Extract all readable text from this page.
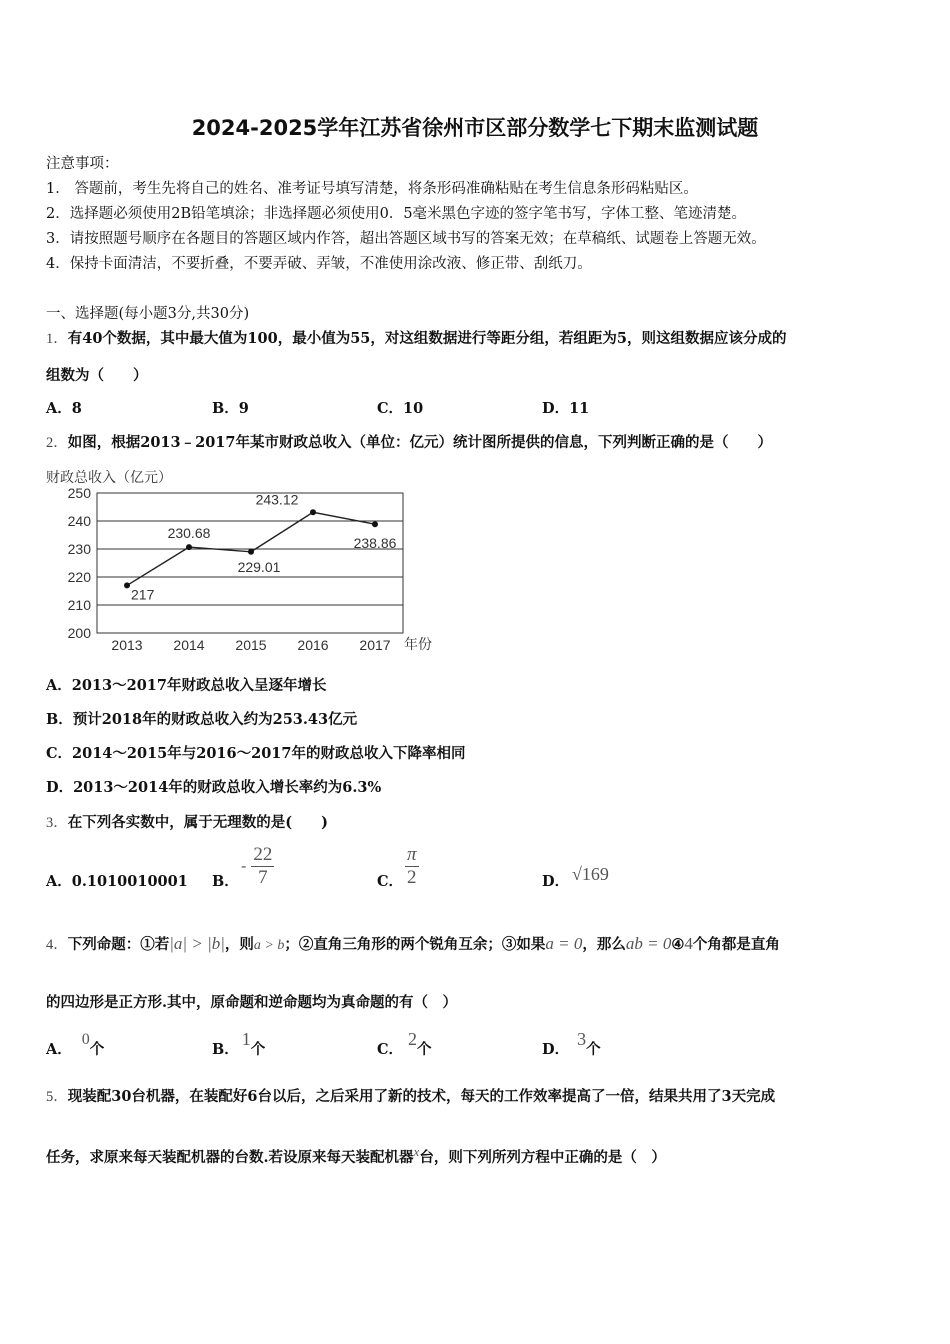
2024-2025学年江苏省徐州市区部分数学七下期末监测试题
注意事项：
1． 答题前，考生先将自己的姓名、准考证号填写清楚，将条形码准确粘贴在考生信息条形码粘贴区。
2．选择题必须使用2B铅笔填涂；非选择题必须使用0．5毫米黑色字迹的签字笔书写，字体工整、笔迹清楚。
3．请按照题号顺序在各题目的答题区域内作答，超出答题区域书写的答案无效；在草稿纸、试题卷上答题无效。
4．保持卡面清洁，不要折叠，不要弄破、弄皱，不准使用涂改液、修正带、刮纸刀。
一、选择题(每小题3分,共30分)
1．有40个数据，其中最大值为100，最小值为55，对这组数据进行等距分组，若组距为5，则这组数据应该分成的
组数为（　　）
A．8	B．9	C．10	D．11
2．如图，根据2013﹣2017年某市财政总收入（单位：亿元）统计图所提供的信息，下列判断正确的是（　　）
200
210
220
230
240
250
2013 2014 2015 2016 2017 年份
财政总收入（亿元）
217
230.68
229.01
243.12
238.86
A．2013～2017年财政总收入呈逐年增长
B．预计2018年的财政总收入约为253.43亿元
C．2014～2015年与2016～2017年的财政总收入下降率相同
D．2013～2014年的财政总收入增长率约为6.3%
3．在下列各实数中，属于无理数的是(　　)
A．0.1010010001 B．
- $\frac{22}{7}$	C． $\frac{\pi}{2}$	D． √169
4．下列命题：①若|a| > |b|，则a > b；②直角三角形的两个锐角互余；③如果a = 0，那么ab = 0④4个角都是直角
的四边形是正方形.其中，原命题和逆命题均为真命题的有（　）
A．0个	B．1个	C．2个	D．3个
5．现装配30台机器，在装配好6台以后，之后采用了新的技术，每天的工作效率提高了一倍，结果共用了3天完成
任务，求原来每天装配机器的台数.若设原来每天装配机器x台，则下列所列方程中正确的是（　）
